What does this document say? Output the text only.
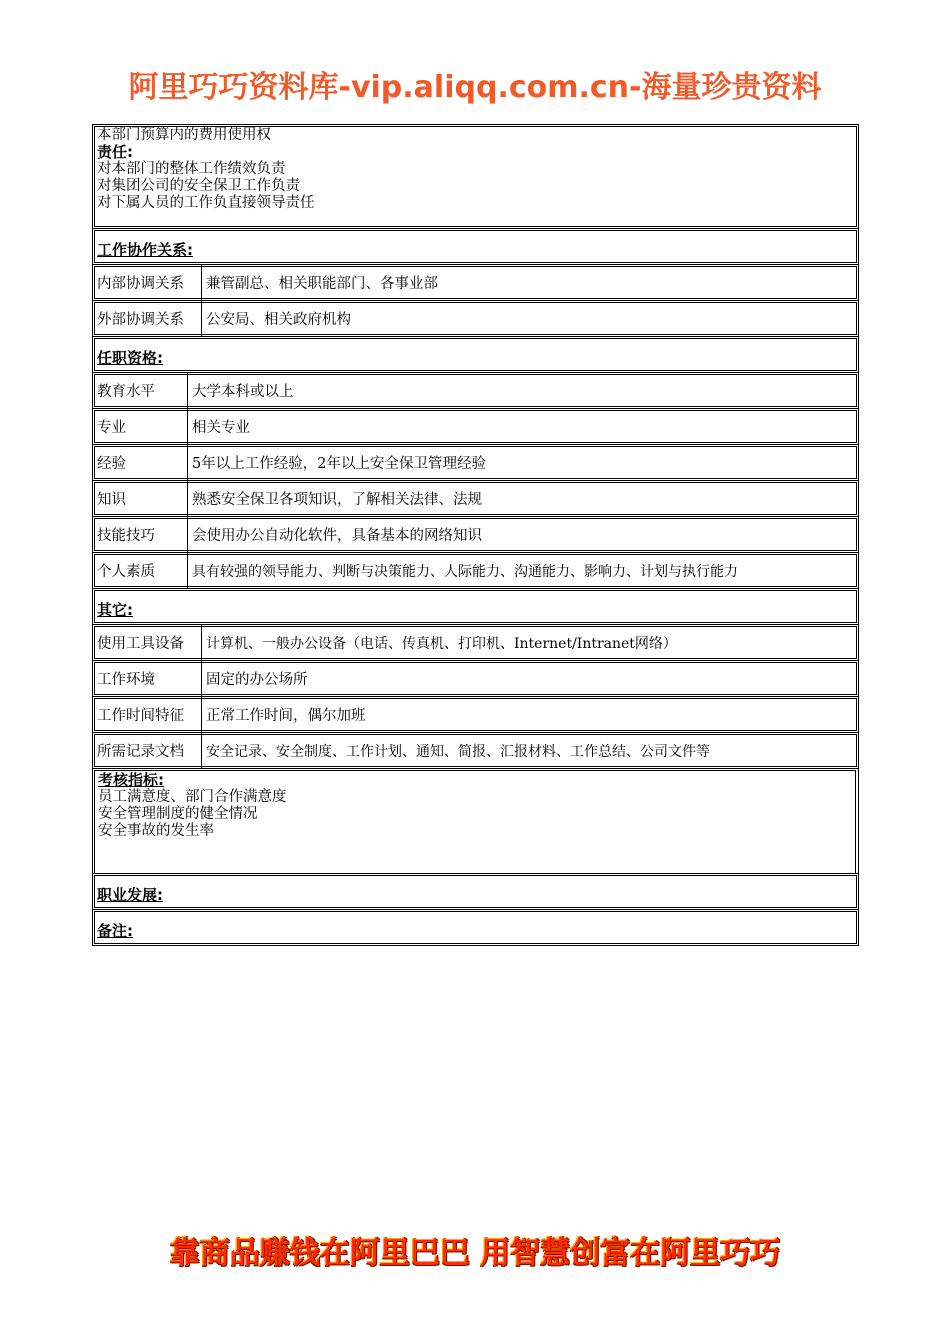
阿里巧巧资料库-vip.aliqq.com.cn-海量珍贵资料
本部门预算内的费用使用权
责任:
对本部门的整体工作绩效负责
对集团公司的安全保卫工作负责
对下属人员的工作负直接领导责任
工作协作关系:
内部协调关系	兼管副总、相关职能部门、各事业部
外部协调关系	公安局、相关政府机构
任职资格:
教育水平	大学本科或以上
专业	相关专业
经验	5年以上工作经验，2年以上安全保卫管理经验
知识	熟悉安全保卫各项知识，了解相关法律、法规
技能技巧	会使用办公自动化软件，具备基本的网络知识
个人素质	具有较强的领导能力、判断与决策能力、人际能力、沟通能力、影响力、计划与执行能力
其它:
使用工具设备	计算机、一般办公设备（电话、传真机、打印机、Internet/Intranet网络）
工作环境	固定的办公场所
工作时间特征	正常工作时间，偶尔加班
所需记录文档	安全记录、安全制度、工作计划、通知、简报、汇报材料、工作总结、公司文件等
考核指标:
员工满意度、部门合作满意度
安全管理制度的健全情况
安全事故的发生率
职业发展:
备注:
靠商品赚钱在阿里巴巴 用智慧创富在阿里巧巧
